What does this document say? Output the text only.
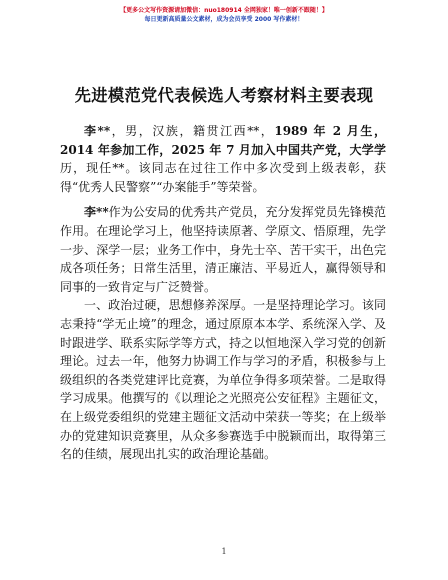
【更多公文写作资源请加微信：nuo180914 全网独家！唯一创新不跟随！】
每日更新高质量公文素材，成为会员享受 2000 写作素材！
先进模范党代表候选人考察材料主要表现

李**，男，汉族，籍贯江西**，1989 年 2 月生，2014 年参加工作，2025 年 7 月加入中国共产党，大学学历，现任**。该同志在过往工作中多次受到上级表彰，获得“优秀人民警察”“办案能手”等荣誉。

李**作为公安局的优秀共产党员，充分发挥党员先锋模范作用。在理论学习上，他坚持读原著、学原文、悟原理，先学一步、深学一层；业务工作中，身先士卒、苦干实干，出色完成各项任务；日常生活里，清正廉洁、平易近人，赢得领导和同事的一致肯定与广泛赞誉。

一、政治过硬，思想修养深厚。一是坚持理论学习。该同志秉持“学无止境”的理念，通过原原本本学、系统深入学、及时跟进学、联系实际学等方式，持之以恒地深入学习党的创新理论。过去一年，他努力协调工作与学习的矛盾，积极参与上级组织的各类党建评比竞赛，为单位争得多项荣誉。二是取得学习成果。他撰写的《以理论之光照亮公安征程》主题征文，在上级党委组织的党建主题征文活动中荣获一等奖；在上级举办的党建知识竞赛里，从众多参赛选手中脱颖而出，取得第三名的佳绩，展现出扎实的政治理论基础。

1
